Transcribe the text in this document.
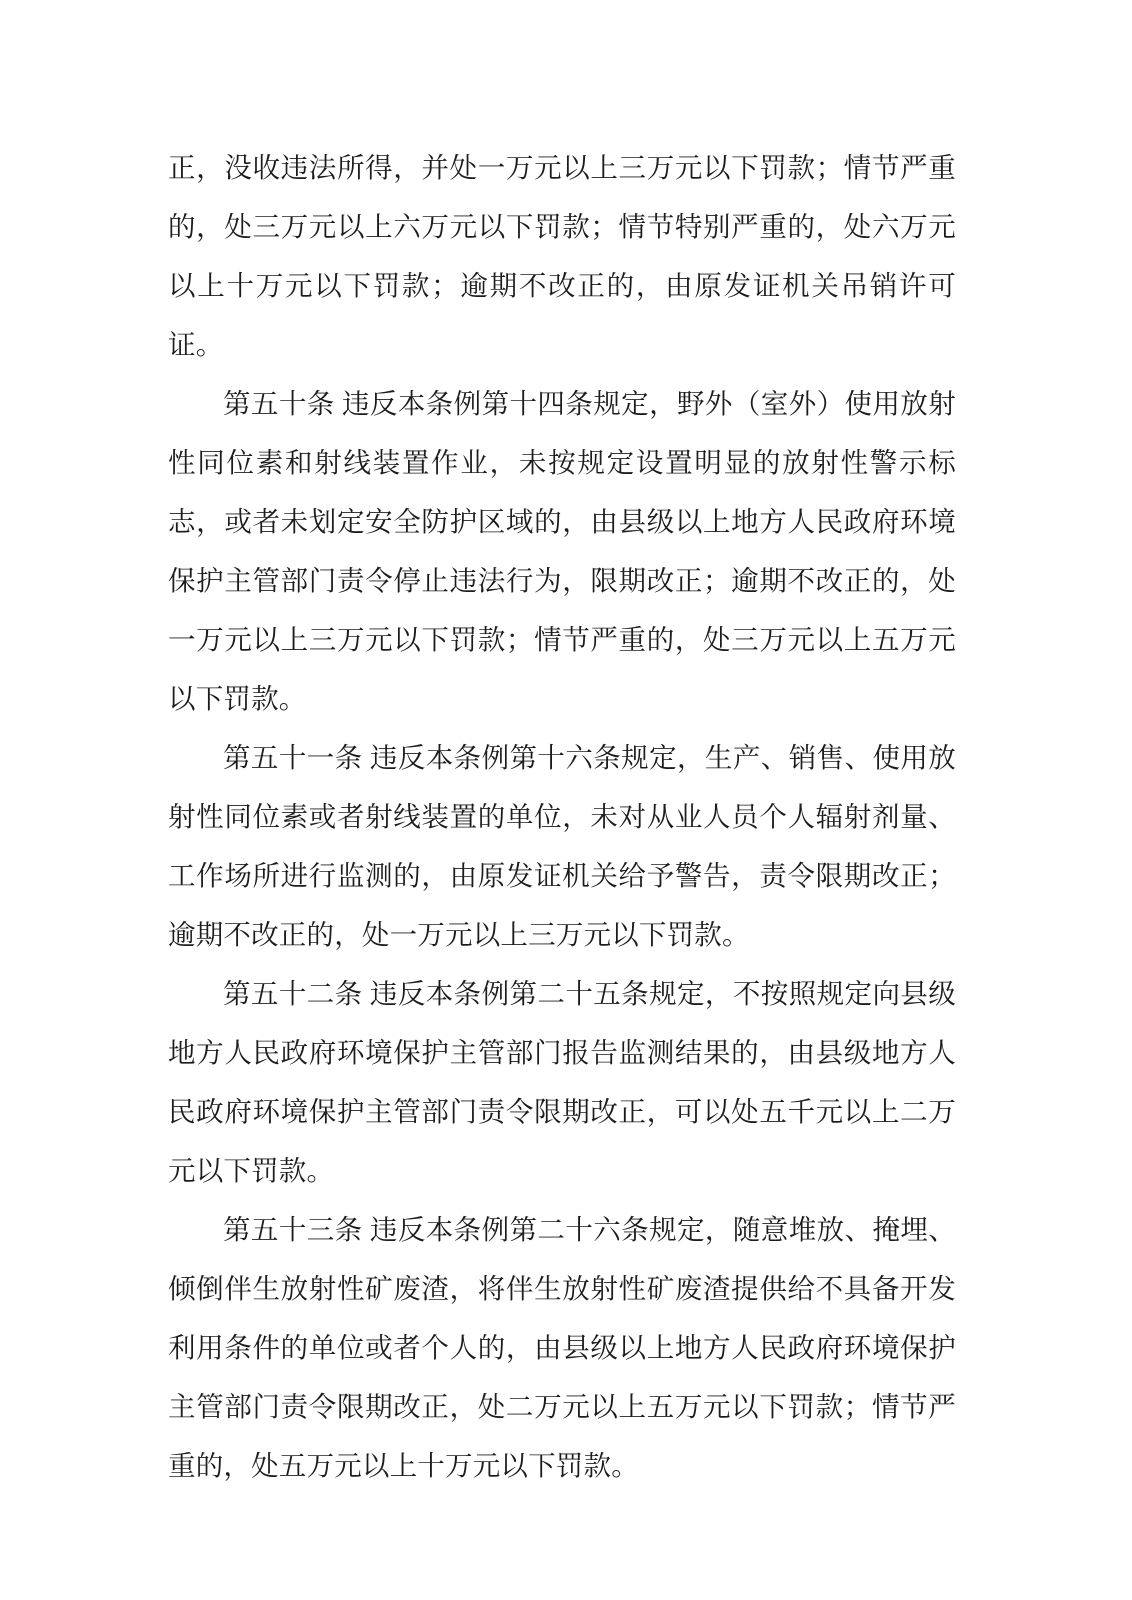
正，没收违法所得，并处一万元以上三万元以下罚款；情节严重的，处三万元以上六万元以下罚款；情节特别严重的，处六万元以上十万元以下罚款；逾期不改正的，由原发证机关吊销许可证。

第五十条 违反本条例第十四条规定，野外（室外）使用放射性同位素和射线装置作业，未按规定设置明显的放射性警示标志，或者未划定安全防护区域的，由县级以上地方人民政府环境保护主管部门责令停止违法行为，限期改正；逾期不改正的，处一万元以上三万元以下罚款；情节严重的，处三万元以上五万元以下罚款。

第五十一条 违反本条例第十六条规定，生产、销售、使用放射性同位素或者射线装置的单位，未对从业人员个人辐射剂量、工作场所进行监测的，由原发证机关给予警告，责令限期改正；逾期不改正的，处一万元以上三万元以下罚款。

第五十二条 违反本条例第二十五条规定，不按照规定向县级地方人民政府环境保护主管部门报告监测结果的，由县级地方人民政府环境保护主管部门责令限期改正，可以处五千元以上二万元以下罚款。

第五十三条 违反本条例第二十六条规定，随意堆放、掩埋、倾倒伴生放射性矿废渣，将伴生放射性矿废渣提供给不具备开发利用条件的单位或者个人的，由县级以上地方人民政府环境保护主管部门责令限期改正，处二万元以上五万元以下罚款；情节严重的，处五万元以上十万元以下罚款。
